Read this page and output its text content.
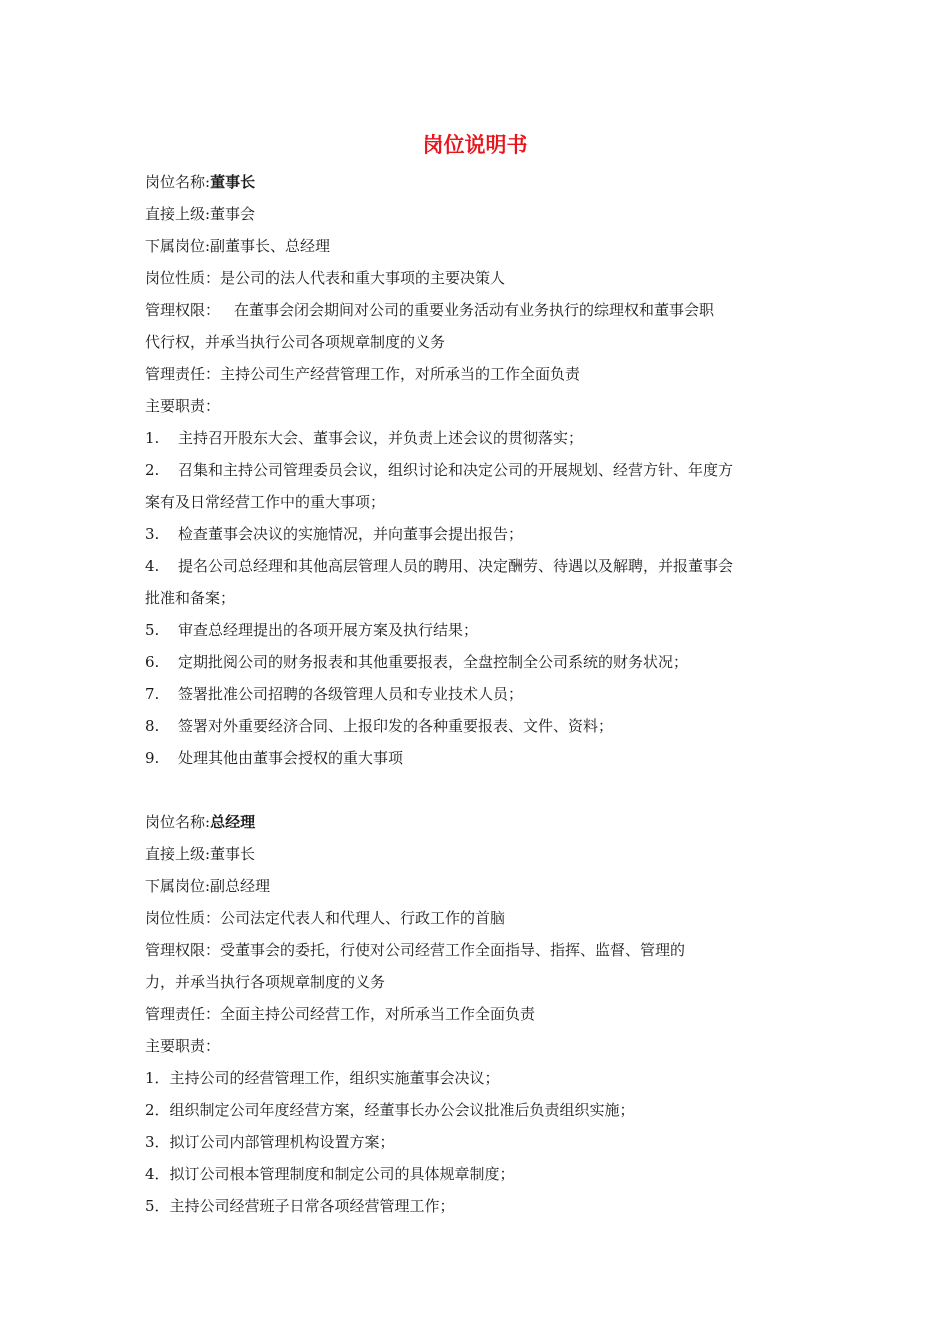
岗位说明书
岗位名称:董事长
直接上级:董事会
下属岗位:副董事长、总经理
岗位性质：是公司的法人代表和重大事项的主要决策人
管理权限： 在董事会闭会期间对公司的重要业务活动有业务执行的综理权和董事会职
代行权，并承当执行公司各项规章制度的义务
管理责任：主持公司生产经营管理工作，对所承当的工作全面负责
主要职责：
1. 主持召开股东大会、董事会议，并负责上述会议的贯彻落实；
2. 召集和主持公司管理委员会议，组织讨论和决定公司的开展规划、经营方针、年度方
案有及日常经营工作中的重大事项；
3. 检查董事会决议的实施情况，并向董事会提出报告；
4. 提名公司总经理和其他高层管理人员的聘用、决定酬劳、待遇以及解聘，并报董事会
批准和备案；
5. 审查总经理提出的各项开展方案及执行结果；
6. 定期批阅公司的财务报表和其他重要报表，全盘控制全公司系统的财务状况；
7. 签署批准公司招聘的各级管理人员和专业技术人员；
8. 签署对外重要经济合同、上报印发的各种重要报表、文件、资料；
9. 处理其他由董事会授权的重大事项
岗位名称:总经理
直接上级:董事长
下属岗位:副总经理
岗位性质：公司法定代表人和代理人、行政工作的首脑
管理权限：受董事会的委托，行使对公司经营工作全面指导、指挥、监督、管理的
力，并承当执行各项规章制度的义务
管理责任：全面主持公司经营工作，对所承当工作全面负责
主要职责：
1．主持公司的经营管理工作，组织实施董事会决议；
2．组织制定公司年度经营方案，经董事长办公会议批准后负责组织实施；
3．拟订公司内部管理机构设置方案；
4．拟订公司根本管理制度和制定公司的具体规章制度；
5．主持公司经营班子日常各项经营管理工作；
